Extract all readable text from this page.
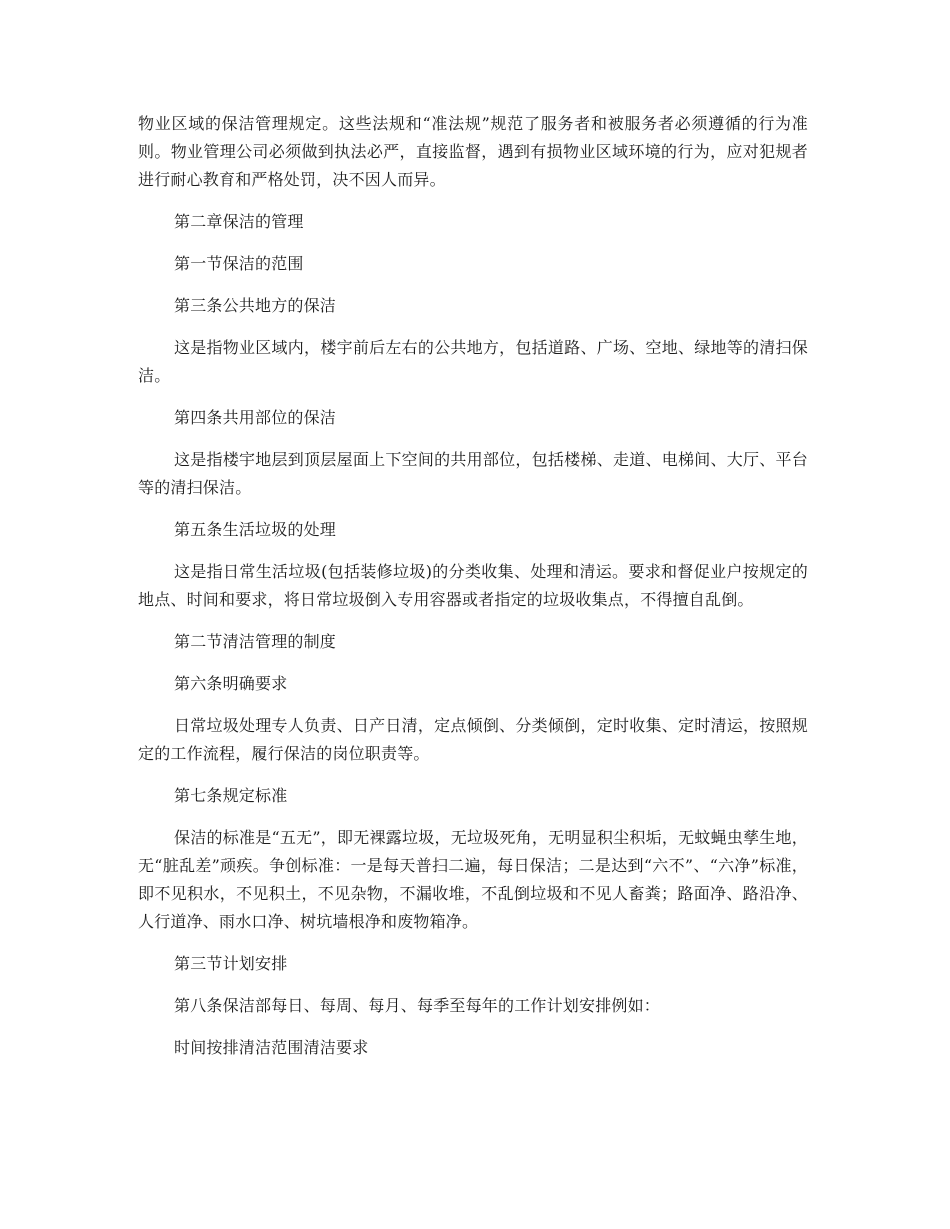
物业区域的保洁管理规定。这些法规和“准法规”规范了服务者和被服务者必须遵循的行为准则。物业管理公司必须做到执法必严，直接监督，遇到有损物业区域环境的行为，应对犯规者进行耐心教育和严格处罚，决不因人而异。

第二章保洁的管理

第一节保洁的范围

第三条公共地方的保洁

这是指物业区域内，楼宇前后左右的公共地方，包括道路、广场、空地、绿地等的清扫保洁。

第四条共用部位的保洁

这是指楼宇地层到顶层屋面上下空间的共用部位，包括楼梯、走道、电梯间、大厅、平台等的清扫保洁。

第五条生活垃圾的处理

这是指日常生活垃圾(包括装修垃圾)的分类收集、处理和清运。要求和督促业户按规定的地点、时间和要求，将日常垃圾倒入专用容器或者指定的垃圾收集点，不得擅自乱倒。

第二节清洁管理的制度

第六条明确要求

日常垃圾处理专人负责、日产日清，定点倾倒、分类倾倒，定时收集、定时清运，按照规定的工作流程，履行保洁的岗位职责等。

第七条规定标准

保洁的标准是“五无”，即无裸露垃圾，无垃圾死角，无明显积尘积垢，无蚊蝇虫孳生地，无“脏乱差”顽疾。争创标准：一是每天普扫二遍，每日保洁；二是达到“六不”、“六净”标准，即不见积水，不见积土，不见杂物，不漏收堆，不乱倒垃圾和不见人畜粪；路面净、路沿净、人行道净、雨水口净、树坑墙根净和废物箱净。

第三节计划安排

第八条保洁部每日、每周、每月、每季至每年的工作计划安排例如：

时间按排清洁范围清洁要求
